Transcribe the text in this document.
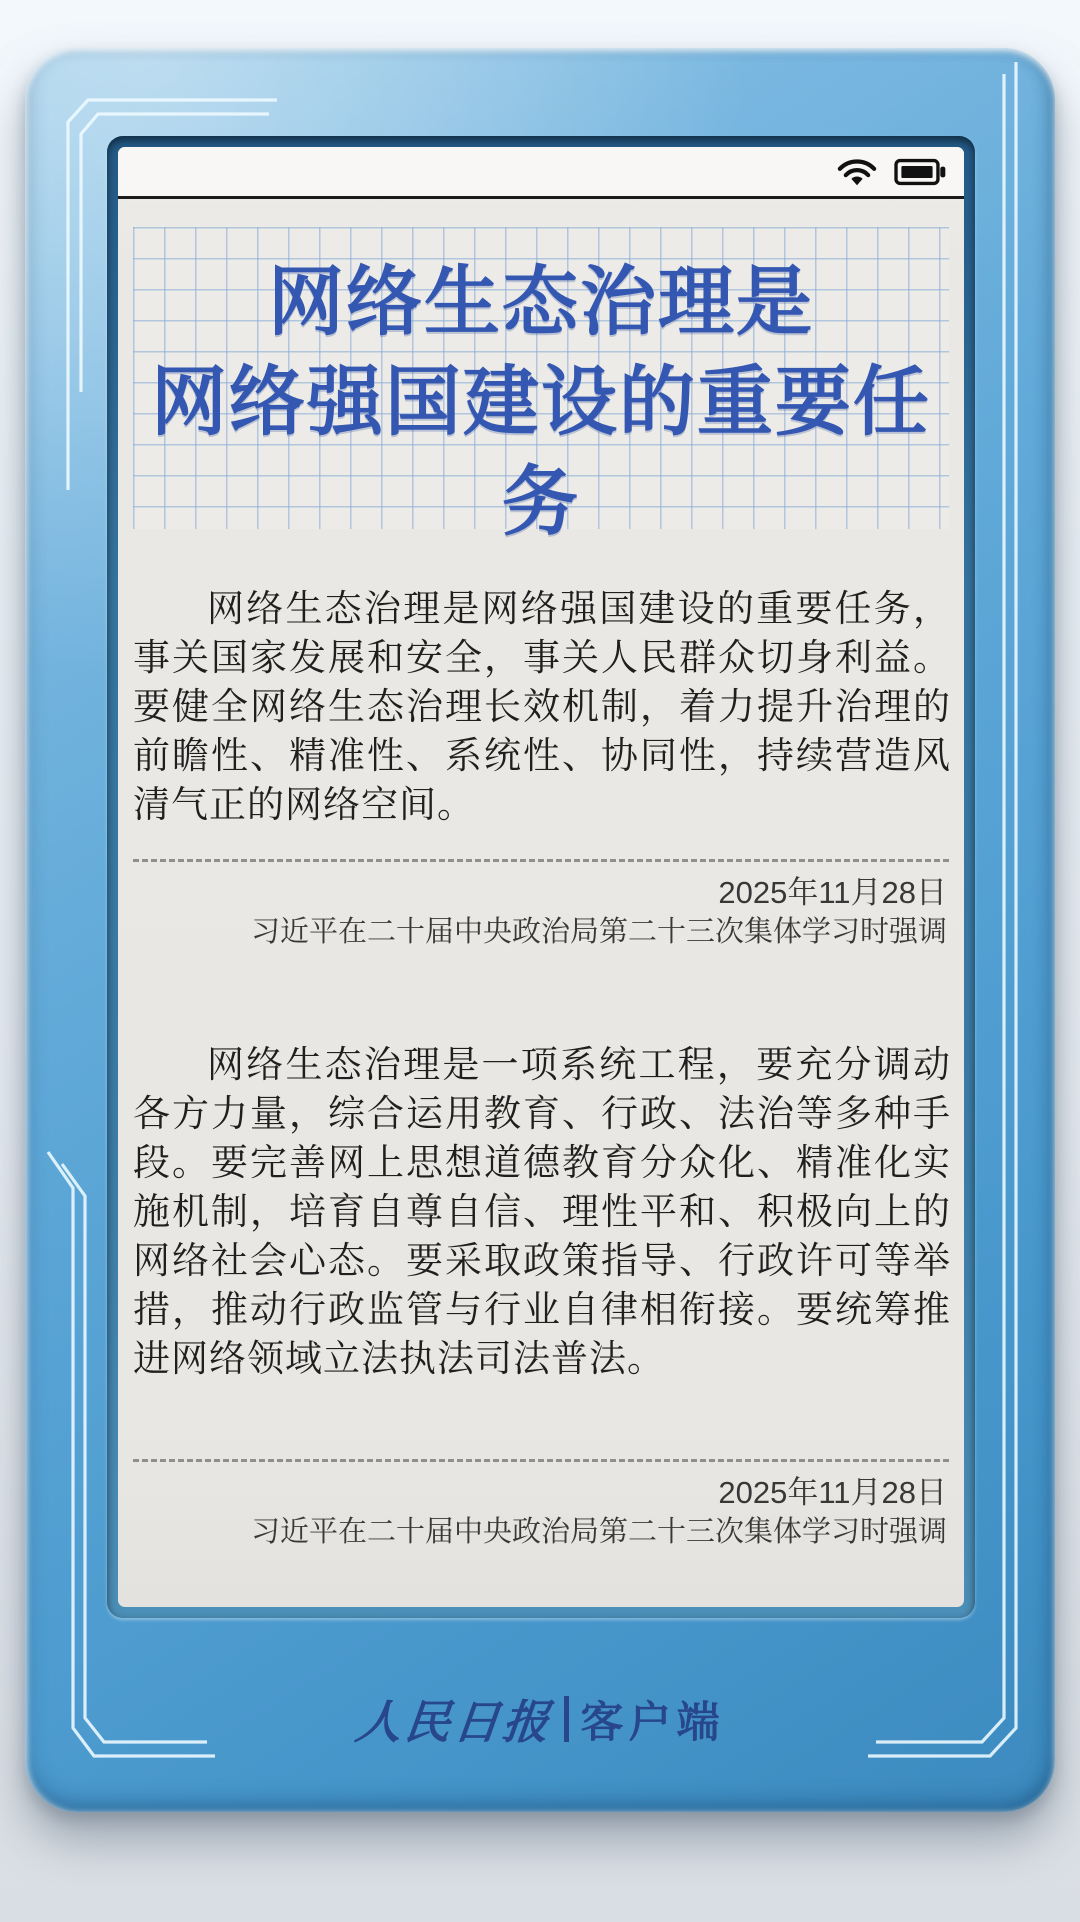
网络生态治理是
网络强国建设的重要任务
网络生态治理是网络强国建设的重要任务，事关国家发展和安全，事关人民群众切身利益。要健全网络生态治理长效机制，着力提升治理的前瞻性、精准性、系统性、协同性，持续营造风清气正的网络空间。
2025年11月28日
习近平在二十届中央政治局第二十三次集体学习时强调
网络生态治理是一项系统工程，要充分调动各方力量，综合运用教育、行政、法治等多种手段。要完善网上思想道德教育分众化、精准化实施机制，培育自尊自信、理性平和、积极向上的网络社会心态。要采取政策指导、行政许可等举措，推动行政监管与行业自律相衔接。要统筹推进网络领域立法执法司法普法。
2025年11月28日
习近平在二十届中央政治局第二十三次集体学习时强调
人民日报 客户端
